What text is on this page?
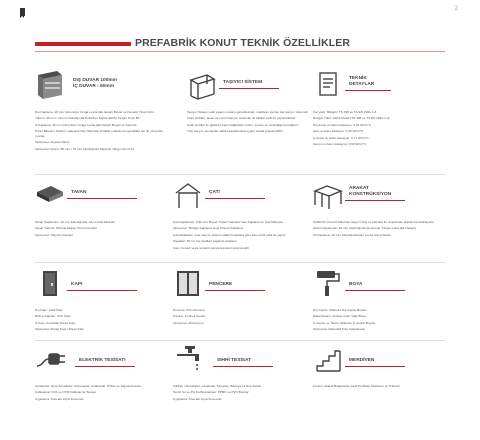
2
PREFABRİK KONUT TEKNİK ÖZELLİKLER
DIŞ DUVAR 100mm
İÇ DUVAR : 60mm

Dış Kaplama: 10 mm Çimentolu Yonga Levha (Ek detaylı Boyalı ve Kenarlı) Ticari Ürün

Yalıtım: 40 mm / 10 mm kalınlığında Polistiren Köpük (EPS) Yangın Sınıfı B1

İç Kaplama: 10 mm Çimentolu Yonga Levha (Ek Detaylı Boyalı ve Kenarlı)

Panel Birleşim Sistemi: Galvaniz Saç Hasırdan Profiller maksimum genişlikte her iki yüzeyden montaj

Opsiyonel: Alçıpan Panel

Opsiyonel Yalıtım: 50 mm / 75 mm kalınlığında Taşyünü Yangın Sınıfı A1

TAŞIYICI SİSTEM

Taşıyıcı Sistem çelik yaşam mekanı garantisinden maddeler ayrılan kat taşıyıcı sistemdir

Köşe profiller, tavan ve zemin taşıyıcı sistemler ile birlikte çelik ile yapılmaktadır

Çelik profiller ile galvaniz kaplı bağlantılar, bulon, somun ve rondelalar ile bağlanır

Tüm taşıyıcı elemanlar statik hesaplamaya uygun olarak projelendirilir

TEKNİK
DETAYLAR

Kar yükü: 80kg/m² TS 498 ve TS EN 1991-1-3

Rüzgar Yükü: 130 km/saat (TS 498 ve TS EN 1991-1-4)

Dış duvar ısı iletim katsayısı: 0,49 W/m²°C

Çatı ısı iletim katsayısı: 0,32 W/m²°C

İç duvar ısı iletim katsayısı: 0,71 W/m²°C

Zemin ısı iletim katsayısı: 0,60 W/m²°C

TAVAN

Tavan Kaplaması: 10 mm Kalınlığında, Alçı Levha Modüler

Tavan Yalıtımı: Mineral Ahşap Yünü Kontrollü

Opsiyonel: Taşyünü Alçıpan

ÇATI

Çatı Kaplaması: 0,50 mm Boyalı Trapez Galvaniz Sac Kaplama ve Çatı Mahyası

Opsiyonel: Shingle Kaplama veya Kiremit Kaplama

Çatı Makasları: Çatı taşıyıcı sistemi statik hesaplara göre kutu profil çelik ile yapılır

Saçaklar: 30 cm her taraftan saçak ile kaplanır

Cam: Fenerli veya ısıcamlı çatı pencereleri opsiyoneldir

ARAKAT
KONSTRÜKSİYON

KARKAS: Kutu Profillerden taşıyıcı kiriş ve kolonlar ile oluşturulan arakat konstrüksiyonu

Zemin Kaplaması: 18 mm Kalınlığında Çimentolu Yonga Levha (Ek Detaylı)

Alt Kaplama: 10 mm Kalınlığında Alçı Levha Asma Tavan

KAPI

Dış Kapı: Çelik Kapı

Bölme Kapıları: PVC Kapı

İç Kapı: Amerikan Panel Kapı

Opsiyonel: Ahşap Kapı / Panel Kapı

PENCERE

Pencere: PVC Pencere

Camlar: 4+16+4 Isıcam

Opsiyonel: Alüminyum

BOYA

Dış Cephe: Silikonlu Dış Cephe Boyası

Metal Aksam: Antipas üzeri Yağlı Boya

İç Cephe ve Tavan: Silikonlu İç Cephe Boyası

Opsiyonel: Dekoratif Sıva Uygulaması

ELEKTRİK TESİSATI

Armatürler: Spot Armatürler, Floresanlar, Anahtarlar, Prizler ve Sigorta Kutusu

Kablolama: NYA ve NYM Kablolar ile Tesisat

Uygulama: Sıva altı Veya Sıva üstü

SIHHİ TESİSAT

Vitrifiye / Armatürler: Lavabolar, Klozetler, Batarya ve Duş Setleri

Temiz Su ve Pis Su Borulaması: PPRC ve PVC Borular

Uygulama: Sıva altı Veya Sıva üstü

MERDİVEN

Konum: Arakat Bölgesinde Çelik Profilden Merdiven ve Trabzan
